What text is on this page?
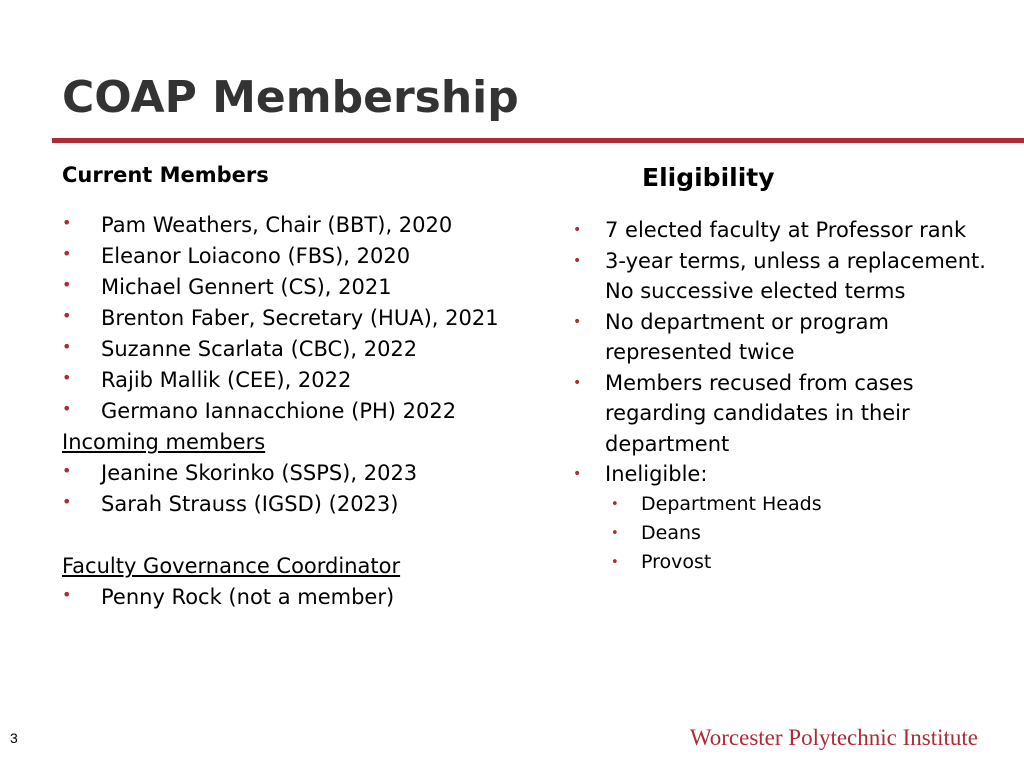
COAP Membership
Current Members
• Pam Weathers, Chair (BBT), 2020
• Eleanor Loiacono (FBS), 2020
• Michael Gennert (CS), 2021
• Brenton Faber, Secretary (HUA), 2021
• Suzanne Scarlata (CBC), 2022
• Rajib Mallik (CEE), 2022
• Germano Iannacchione (PH) 2022
Incoming members
• Jeanine Skorinko (SSPS), 2023
• Sarah Strauss (IGSD) (2023)
Faculty Governance Coordinator
• Penny Rock (not a member)
Eligibility
• 7 elected faculty at Professor rank
• 3-year terms, unless a replacement. No successive elected terms
• No department or program represented twice
• Members recused from cases regarding candidates in their department
• Ineligible:
• Department Heads
• Deans
• Provost
3	Worcester Polytechnic Institute
